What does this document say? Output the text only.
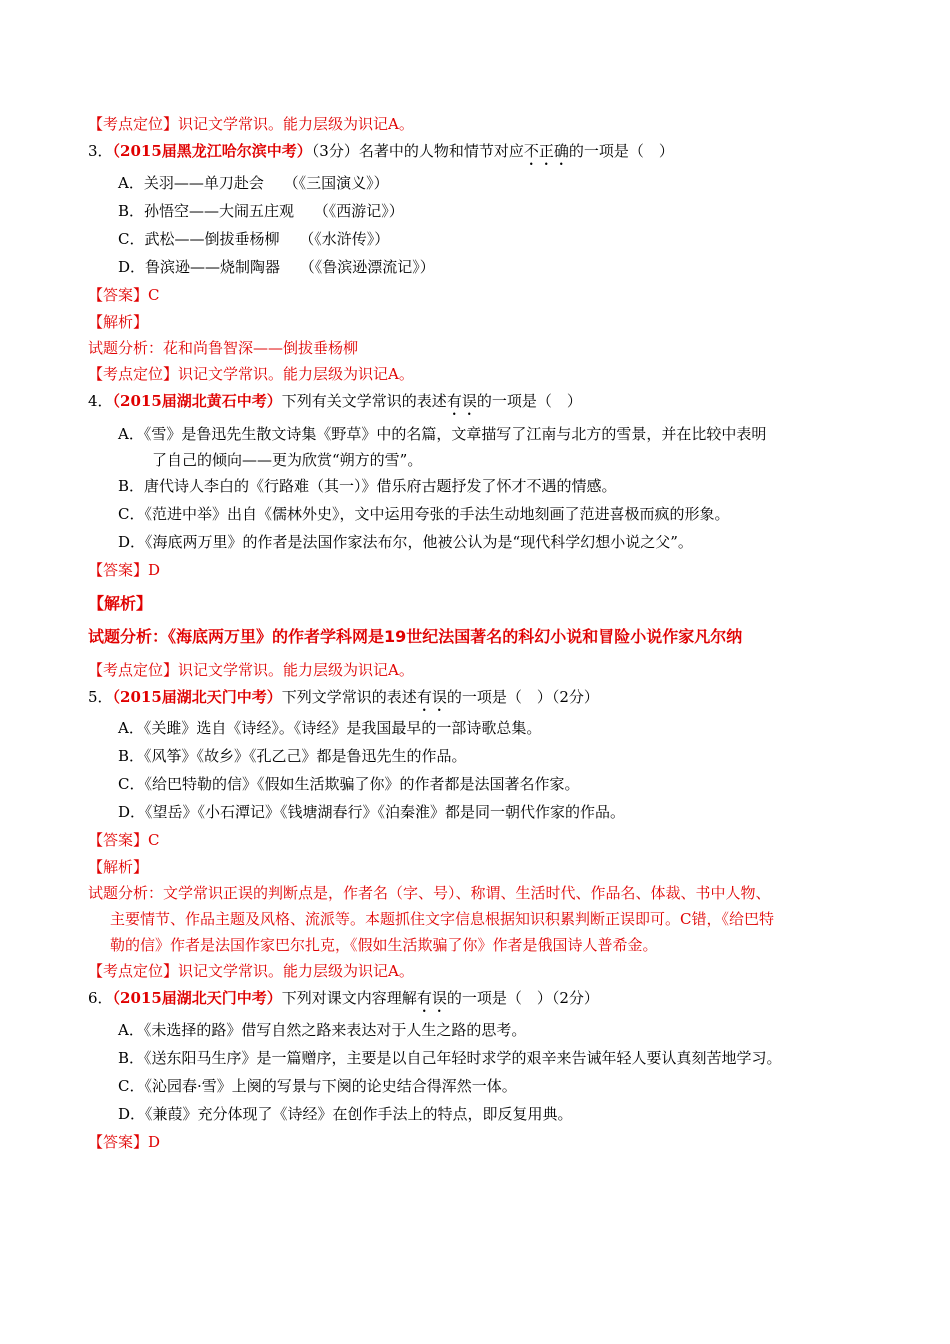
【考点定位】识记文学常识。能力层级为识记A。
3．（2015届黑龙江哈尔滨中考）（3分）名著中的人物和情节对应不正确的一项是（　）
A．关羽——单刀赴会　 （《三国演义》）
B．孙悟空——大闹五庄观　 （《西游记》）
C．武松——倒拔垂杨柳　 （《水浒传》）
D．鲁滨逊——烧制陶器　 （《鲁滨逊漂流记》）
【答案】C
【解析】
试题分析：花和尚鲁智深——倒拔垂杨柳
【考点定位】识记文学常识。能力层级为识记A。
4．（2015届湖北黄石中考）下列有关文学常识的表述有误的一项是（　）
A．《雪》是鲁迅先生散文诗集《野草》中的名篇，文章描写了江南与北方的雪景，并在比较中表明
了自己的倾向——更为欣赏“朔方的雪”。
B．唐代诗人李白的《行路难（其一）》借乐府古题抒发了怀才不遇的情感。
C．《范进中举》出自《儒林外史》，文中运用夸张的手法生动地刻画了范进喜极而疯的形象。
D．《海底两万里》的作者是法国作家法布尔，他被公认为是“现代科学幻想小说之父”。
【答案】D
【解析】
试题分析：《海底两万里》的作者学科网是19世纪法国著名的科幻小说和冒险小说作家凡尔纳
【考点定位】识记文学常识。能力层级为识记A。
5．（2015届湖北天门中考）下列文学常识的表述有误的一项是（　）（2分）
A．《关雎》选自《诗经》。《诗经》是我国最早的一部诗歌总集。
B．《风筝》《故乡》《孔乙己》都是鲁迅先生的作品。
C．《给巴特勒的信》《假如生活欺骗了你》的作者都是法国著名作家。
D．《望岳》《小石潭记》《钱塘湖春行》《泊秦淮》都是同一朝代作家的作品。
【答案】C
【解析】
试题分析：文学常识正误的判断点是，作者名（字、号）、称谓、生活时代、作品名、体裁、书中人物、
主要情节、作品主题及风格、流派等。本题抓住文字信息根据知识积累判断正误即可。C错，《给巴特
勒的信》作者是法国作家巴尔扎克，《假如生活欺骗了你》作者是俄国诗人普希金。
【考点定位】识记文学常识。能力层级为识记A。
6．（2015届湖北天门中考）下列对课文内容理解有误的一项是（　）（2分）
A．《未选择的路》借写自然之路来表达对于人生之路的思考。
B．《送东阳马生序》是一篇赠序，主要是以自己年轻时求学的艰辛来告诫年轻人要认真刻苦地学习。
C．《沁园春·雪》上阕的写景与下阕的论史结合得浑然一体。
D．《兼葭》充分体现了《诗经》在创作手法上的特点，即反复用典。
【答案】D
